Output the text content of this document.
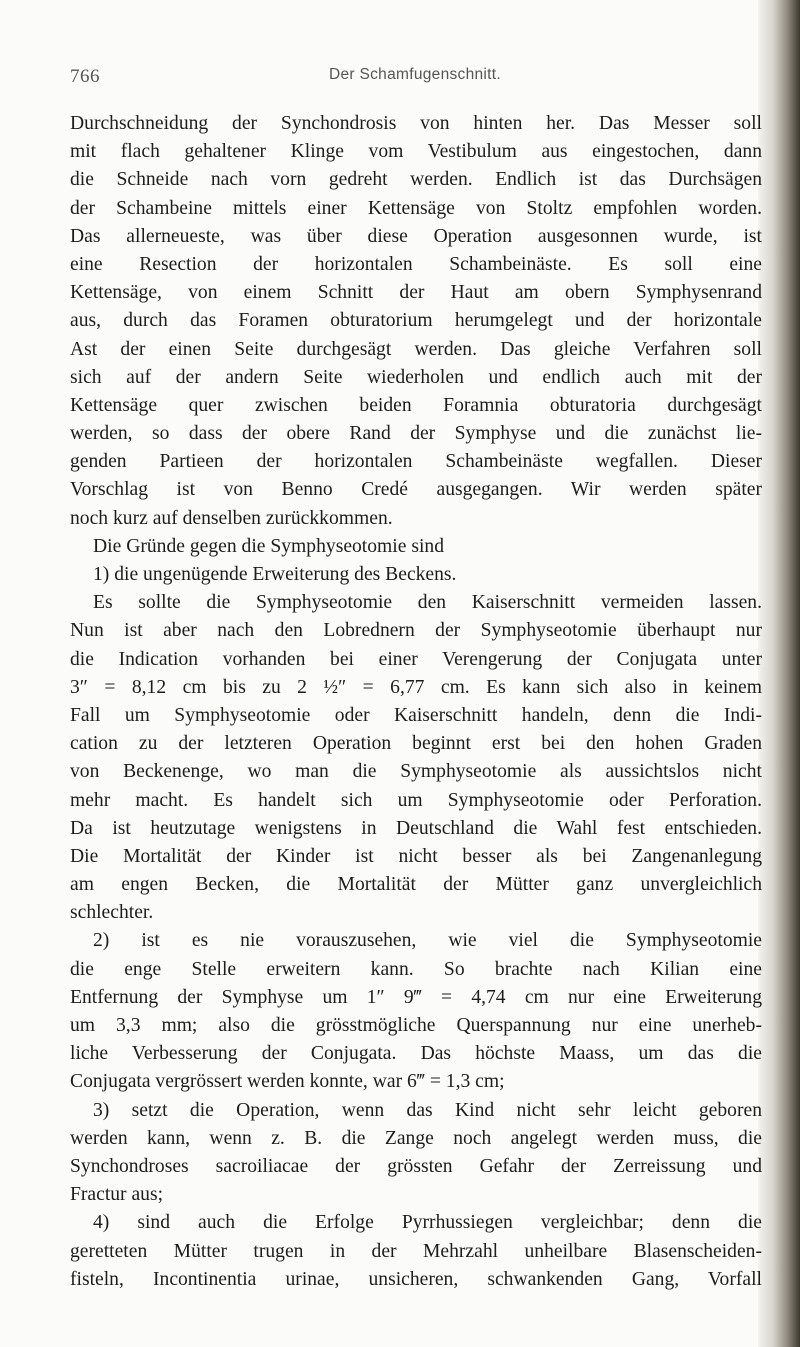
766	Der Schamfugenschnitt.
Durchschneidung der Synchondrosis von hinten her. Das Messer soll
mit flach gehaltener Klinge vom Vestibulum aus eingestochen, dann
die Schneide nach vorn gedreht werden. Endlich ist das Durchsägen
der Schambeine mittels einer Kettensäge von Stoltz empfohlen worden.
Das allerneueste, was über diese Operation ausgesonnen wurde, ist
eine Resection der horizontalen Schambeinäste. Es soll eine
Kettensäge, von einem Schnitt der Haut am obern Symphysenrand
aus, durch das Foramen obturatorium herumgelegt und der horizontale
Ast der einen Seite durchgesägt werden. Das gleiche Verfahren soll
sich auf der andern Seite wiederholen und endlich auch mit der
Kettensäge quer zwischen beiden Foramnia obturatoria durchgesägt
werden, so dass der obere Rand der Symphyse und die zunächst lie-
genden Partieen der horizontalen Schambeinäste wegfallen. Dieser
Vorschlag ist von Benno Credé ausgegangen. Wir werden später
noch kurz auf denselben zurückkommen.
Die Gründe gegen die Symphyseotomie sind
1) die ungenügende Erweiterung des Beckens.
Es sollte die Symphyseotomie den Kaiserschnitt vermeiden lassen.
Nun ist aber nach den Lobrednern der Symphyseotomie überhaupt nur
die Indication vorhanden bei einer Verengerung der Conjugata unter
3″ = 8,12 cm bis zu 2 ½″ = 6,77 cm. Es kann sich also in keinem
Fall um Symphyseotomie oder Kaiserschnitt handeln, denn die Indi-
cation zu der letzteren Operation beginnt erst bei den hohen Graden
von Beckenenge, wo man die Symphyseotomie als aussichtslos nicht
mehr macht. Es handelt sich um Symphyseotomie oder Perforation.
Da ist heutzutage wenigstens in Deutschland die Wahl fest entschieden.
Die Mortalität der Kinder ist nicht besser als bei Zangenanlegung
am engen Becken, die Mortalität der Mütter ganz unvergleichlich
schlechter.
2) ist es nie vorauszusehen, wie viel die Symphyseotomie
die enge Stelle erweitern kann. So brachte nach Kilian eine
Entfernung der Symphyse um 1″ 9‴ = 4,74 cm nur eine Erweiterung
um 3,3 mm; also die grösstmögliche Querspannung nur eine unerheb-
liche Verbesserung der Conjugata. Das höchste Maass, um das die
Conjugata vergrössert werden konnte, war 6‴ = 1,3 cm;
3) setzt die Operation, wenn das Kind nicht sehr leicht geboren
werden kann, wenn z. B. die Zange noch angelegt werden muss, die
Synchondroses sacroiliacae der grössten Gefahr der Zerreissung und
Fractur aus;
4) sind auch die Erfolge Pyrrhussiegen vergleichbar; denn die
geretteten Mütter trugen in der Mehrzahl unheilbare Blasenscheiden-
fisteln, Incontinentia urinae, unsicheren, schwankenden Gang, Vorfall
